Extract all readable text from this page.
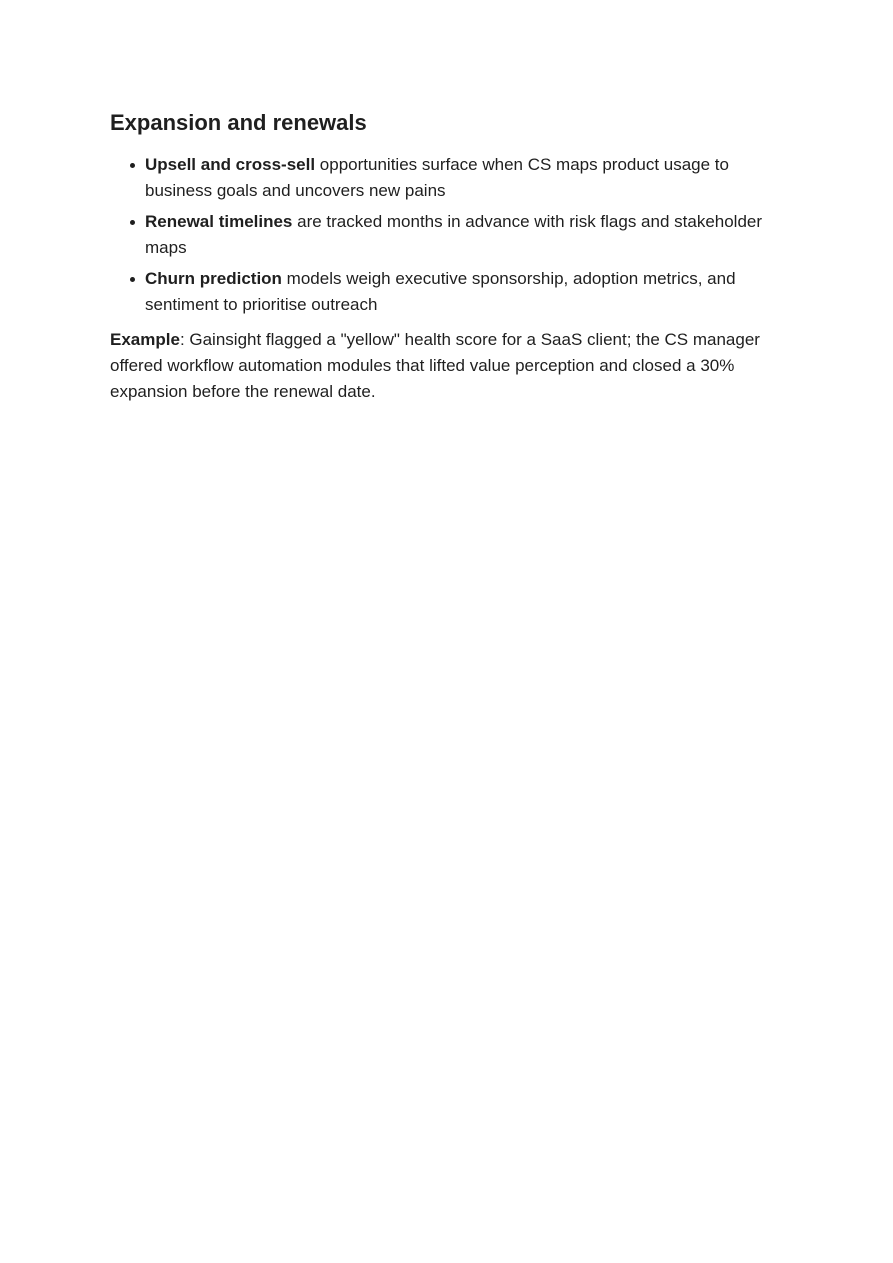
Expansion and renewals
Upsell and cross-sell opportunities surface when CS maps product usage to business goals and uncovers new pains
Renewal timelines are tracked months in advance with risk flags and stakeholder maps
Churn prediction models weigh executive sponsorship, adoption metrics, and sentiment to prioritise outreach

Example: Gainsight flagged a "yellow" health score for a SaaS client; the CS manager offered workflow automation modules that lifted value perception and closed a 30% expansion before the renewal date.
